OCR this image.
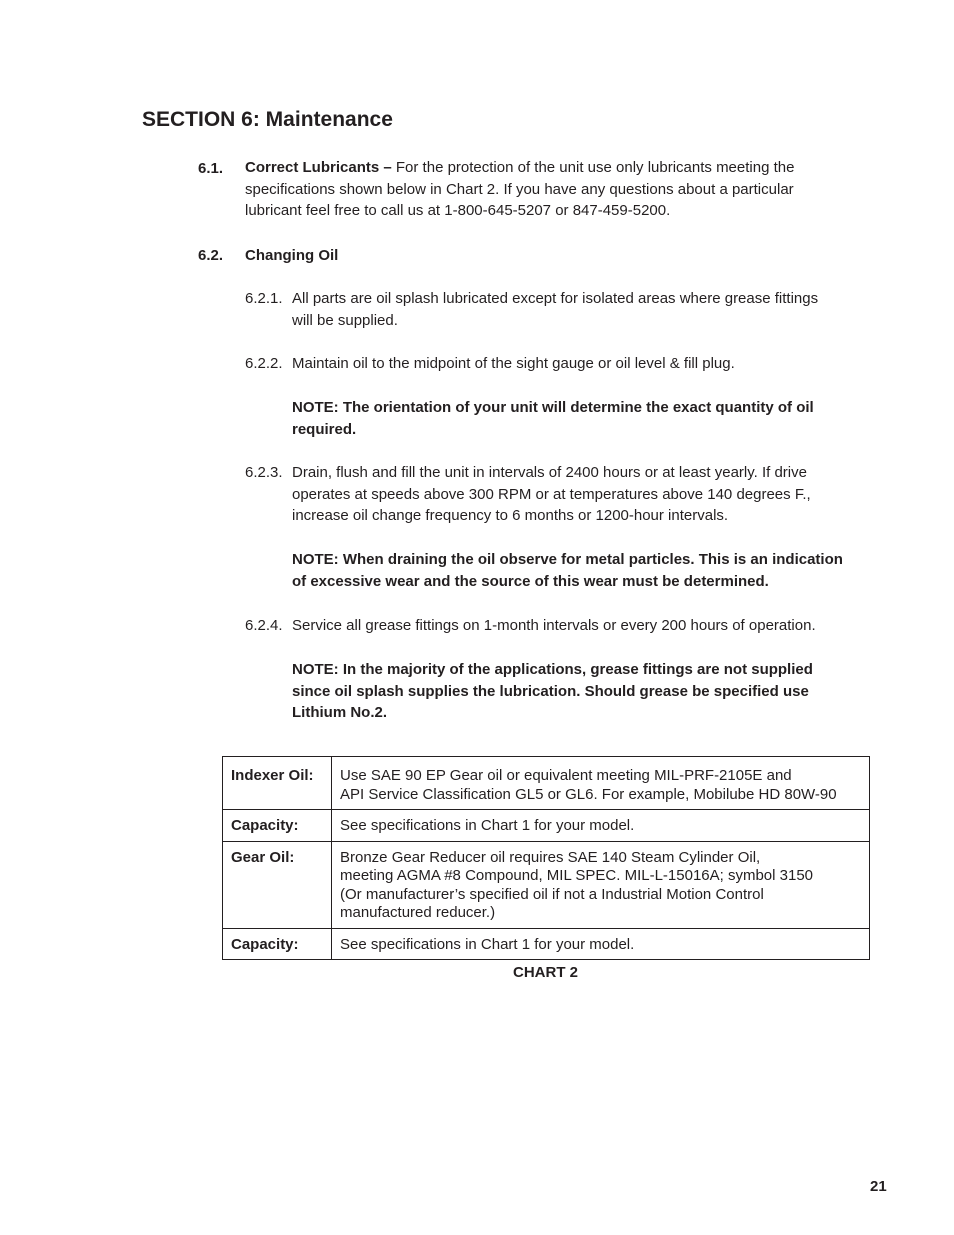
SECTION 6: Maintenance
6.1. Correct Lubricants – For the protection of the unit use only lubricants meeting the
specifications shown below in Chart 2. If you have any questions about a particular
lubricant feel free to call us at 1-800-645-5207 or 847-459-5200.
6.2. Changing Oil
6.2.1. All parts are oil splash lubricated except for isolated areas where grease fittings
will be supplied.
6.2.2. Maintain oil to the midpoint of the sight gauge or oil level & fill plug.
NOTE: The orientation of your unit will determine the exact quantity of oil
required.
6.2.3. Drain, flush and fill the unit in intervals of 2400 hours or at least yearly. If drive
operates at speeds above 300 RPM or at temperatures above 140 degrees F.,
increase oil change frequency to 6 months or 1200-hour intervals.
NOTE: When draining the oil observe for metal particles. This is an indication
of excessive wear and the source of this wear must be determined.
6.2.4. Service all grease fittings on 1-month intervals or every 200 hours of operation.
NOTE: In the majority of the applications, grease fittings are not supplied
since oil splash supplies the lubrication. Should grease be specified use
Lithium No.2.
Indexer Oil:	Use SAE 90 EP Gear oil or equivalent meeting MIL-PRF-2105E and
API Service Classification GL5 or GL6. For example, Mobilube HD 80W-90

Capacity:	See specifications in Chart 1 for your model.

Gear Oil:	Bronze Gear Reducer oil requires SAE 140 Steam Cylinder Oil,
meeting AGMA #8 Compound, MIL SPEC. MIL-L-15016A; symbol 3150
(Or manufacturer’s specified oil if not a Industrial Motion Control
manufactured reducer.)

Capacity:	See specifications in Chart 1 for your model.
CHART 2
21
